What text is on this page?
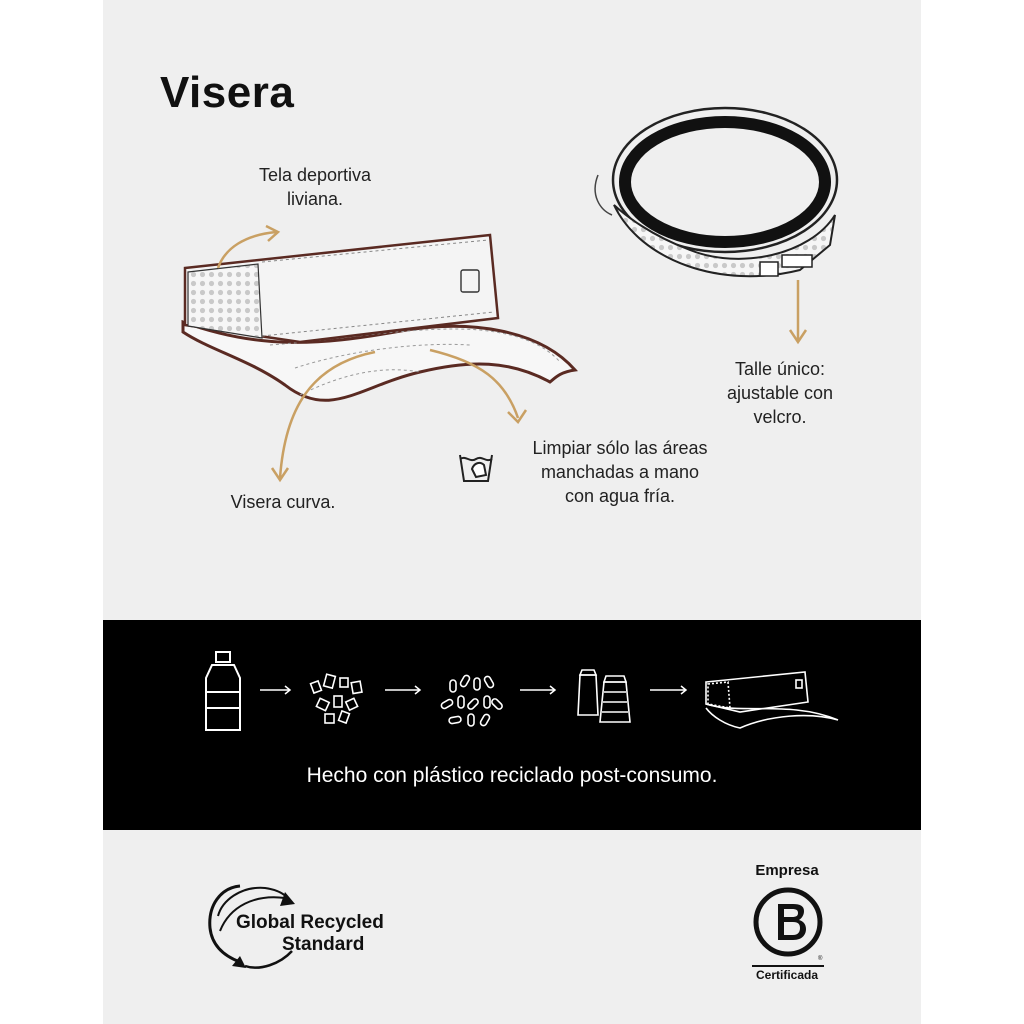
Visera
Tela deportiva
liviana.
Talle único:
ajustable con
velcro.
Limpiar sólo las áreas
manchadas a mano
con agua fría.
Visera curva.
Hecho con plástico reciclado post-consumo.
Global Recycled
Standard
Empresa
®
Certificada
